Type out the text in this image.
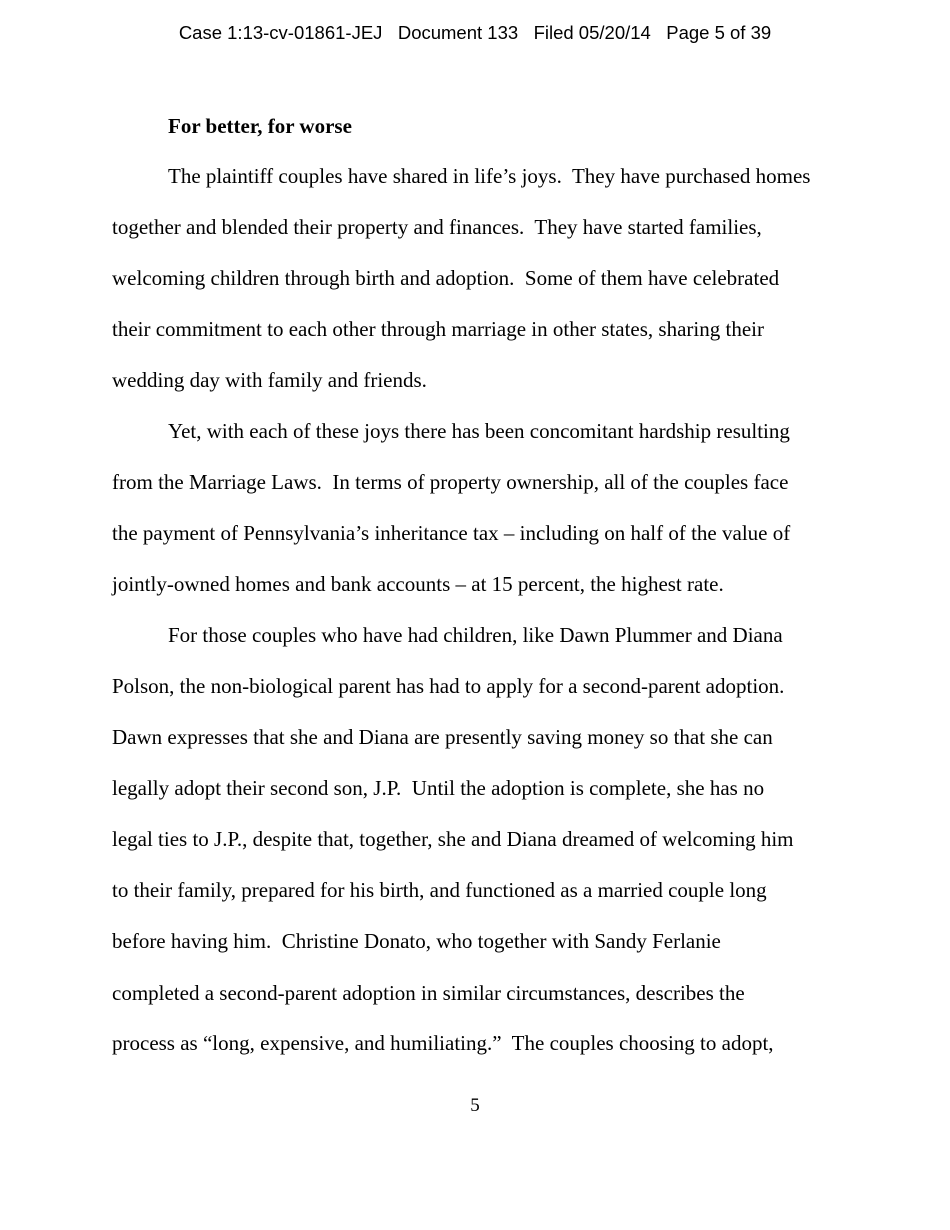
Case 1:13-cv-01861-JEJ   Document 133   Filed 05/20/14   Page 5 of 39
For better, for worse
The plaintiff couples have shared in life’s joys.  They have purchased homes
together and blended their property and finances.  They have started families,
welcoming children through birth and adoption.  Some of them have celebrated
their commitment to each other through marriage in other states, sharing their
wedding day with family and friends.
Yet, with each of these joys there has been concomitant hardship resulting
from the Marriage Laws.  In terms of property ownership, all of the couples face
the payment of Pennsylvania’s inheritance tax – including on half of the value of
jointly-owned homes and bank accounts – at 15 percent, the highest rate.
For those couples who have had children, like Dawn Plummer and Diana
Polson, the non-biological parent has had to apply for a second-parent adoption.
Dawn expresses that she and Diana are presently saving money so that she can
legally adopt their second son, J.P.  Until the adoption is complete, she has no
legal ties to J.P., despite that, together, she and Diana dreamed of welcoming him
to their family, prepared for his birth, and functioned as a married couple long
before having him.  Christine Donato, who together with Sandy Ferlanie
completed a second-parent adoption in similar circumstances, describes the
process as “long, expensive, and humiliating.”  The couples choosing to adopt,
5
